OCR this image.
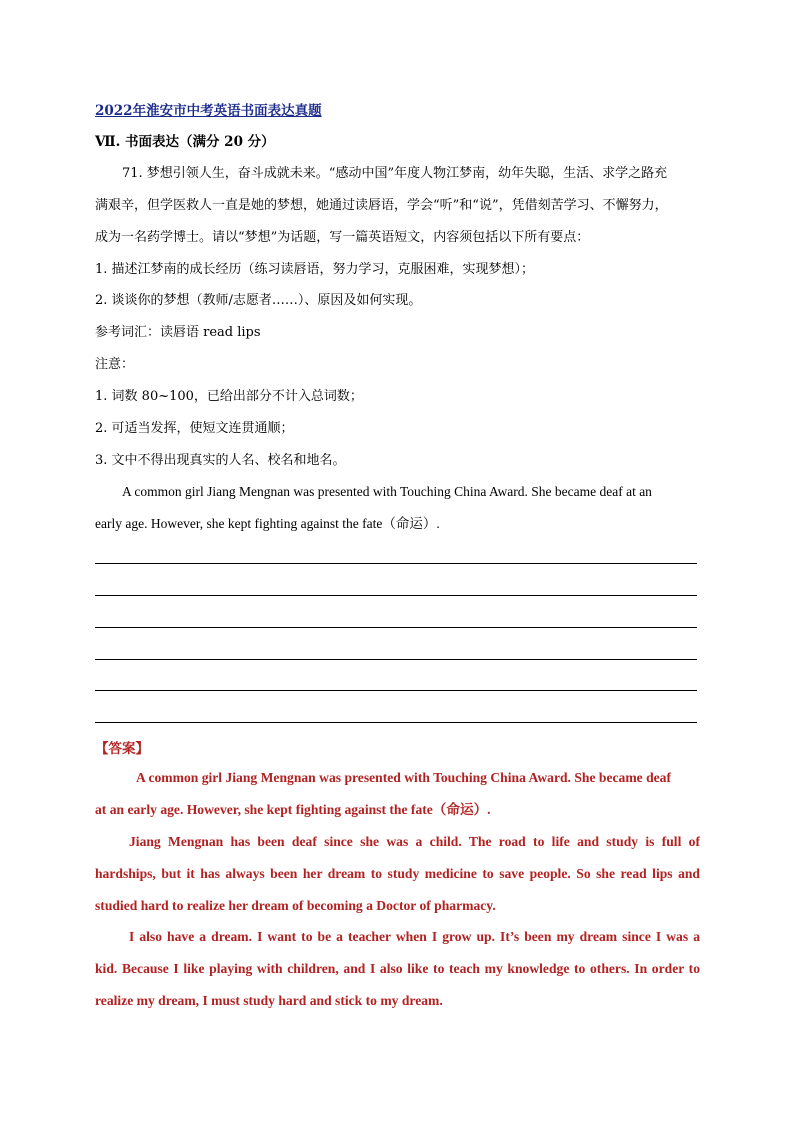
2022年淮安市中考英语书面表达真题
Ⅶ. 书面表达（满分 20 分）
71. 梦想引领人生，奋斗成就未来。“感动中国”年度人物江梦南，幼年失聪，生活、求学之路充
满艰辛，但学医救人一直是她的梦想，她通过读唇语，学会“听”和“说”，凭借刻苦学习、不懈努力，
成为一名药学博士。请以“梦想”为话题，写一篇英语短文，内容须包括以下所有要点：
1. 描述江梦南的成长经历（练习读唇语，努力学习，克服困难，实现梦想）；
2. 谈谈你的梦想（教师/志愿者……）、原因及如何实现。
参考词汇：读唇语 read lips
注意：
1. 词数 80~100，已给出部分不计入总词数；
2. 可适当发挥，使短文连贯通顺；
3. 文中不得出现真实的人名、校名和地名。
A common girl Jiang Mengnan was presented with Touching China Award. She became deaf at an
early age. However, she kept fighting against the fate（命运）.
【答案】
A common girl Jiang Mengnan was presented with Touching China Award. She became deaf
at an early age. However, she kept fighting against the fate（命运）.
Jiang Mengnan has been deaf since she was a child. The road to life and study is full of
hardships, but it has always been her dream to study medicine to save people. So she read lips and
studied hard to realize her dream of becoming a Doctor of pharmacy.
I also have a dream. I want to be a teacher when I grow up. It’s been my dream since I was a
kid. Because I like playing with children, and I also like to teach my knowledge to others. In order to
realize my dream, I must study hard and stick to my dream.
